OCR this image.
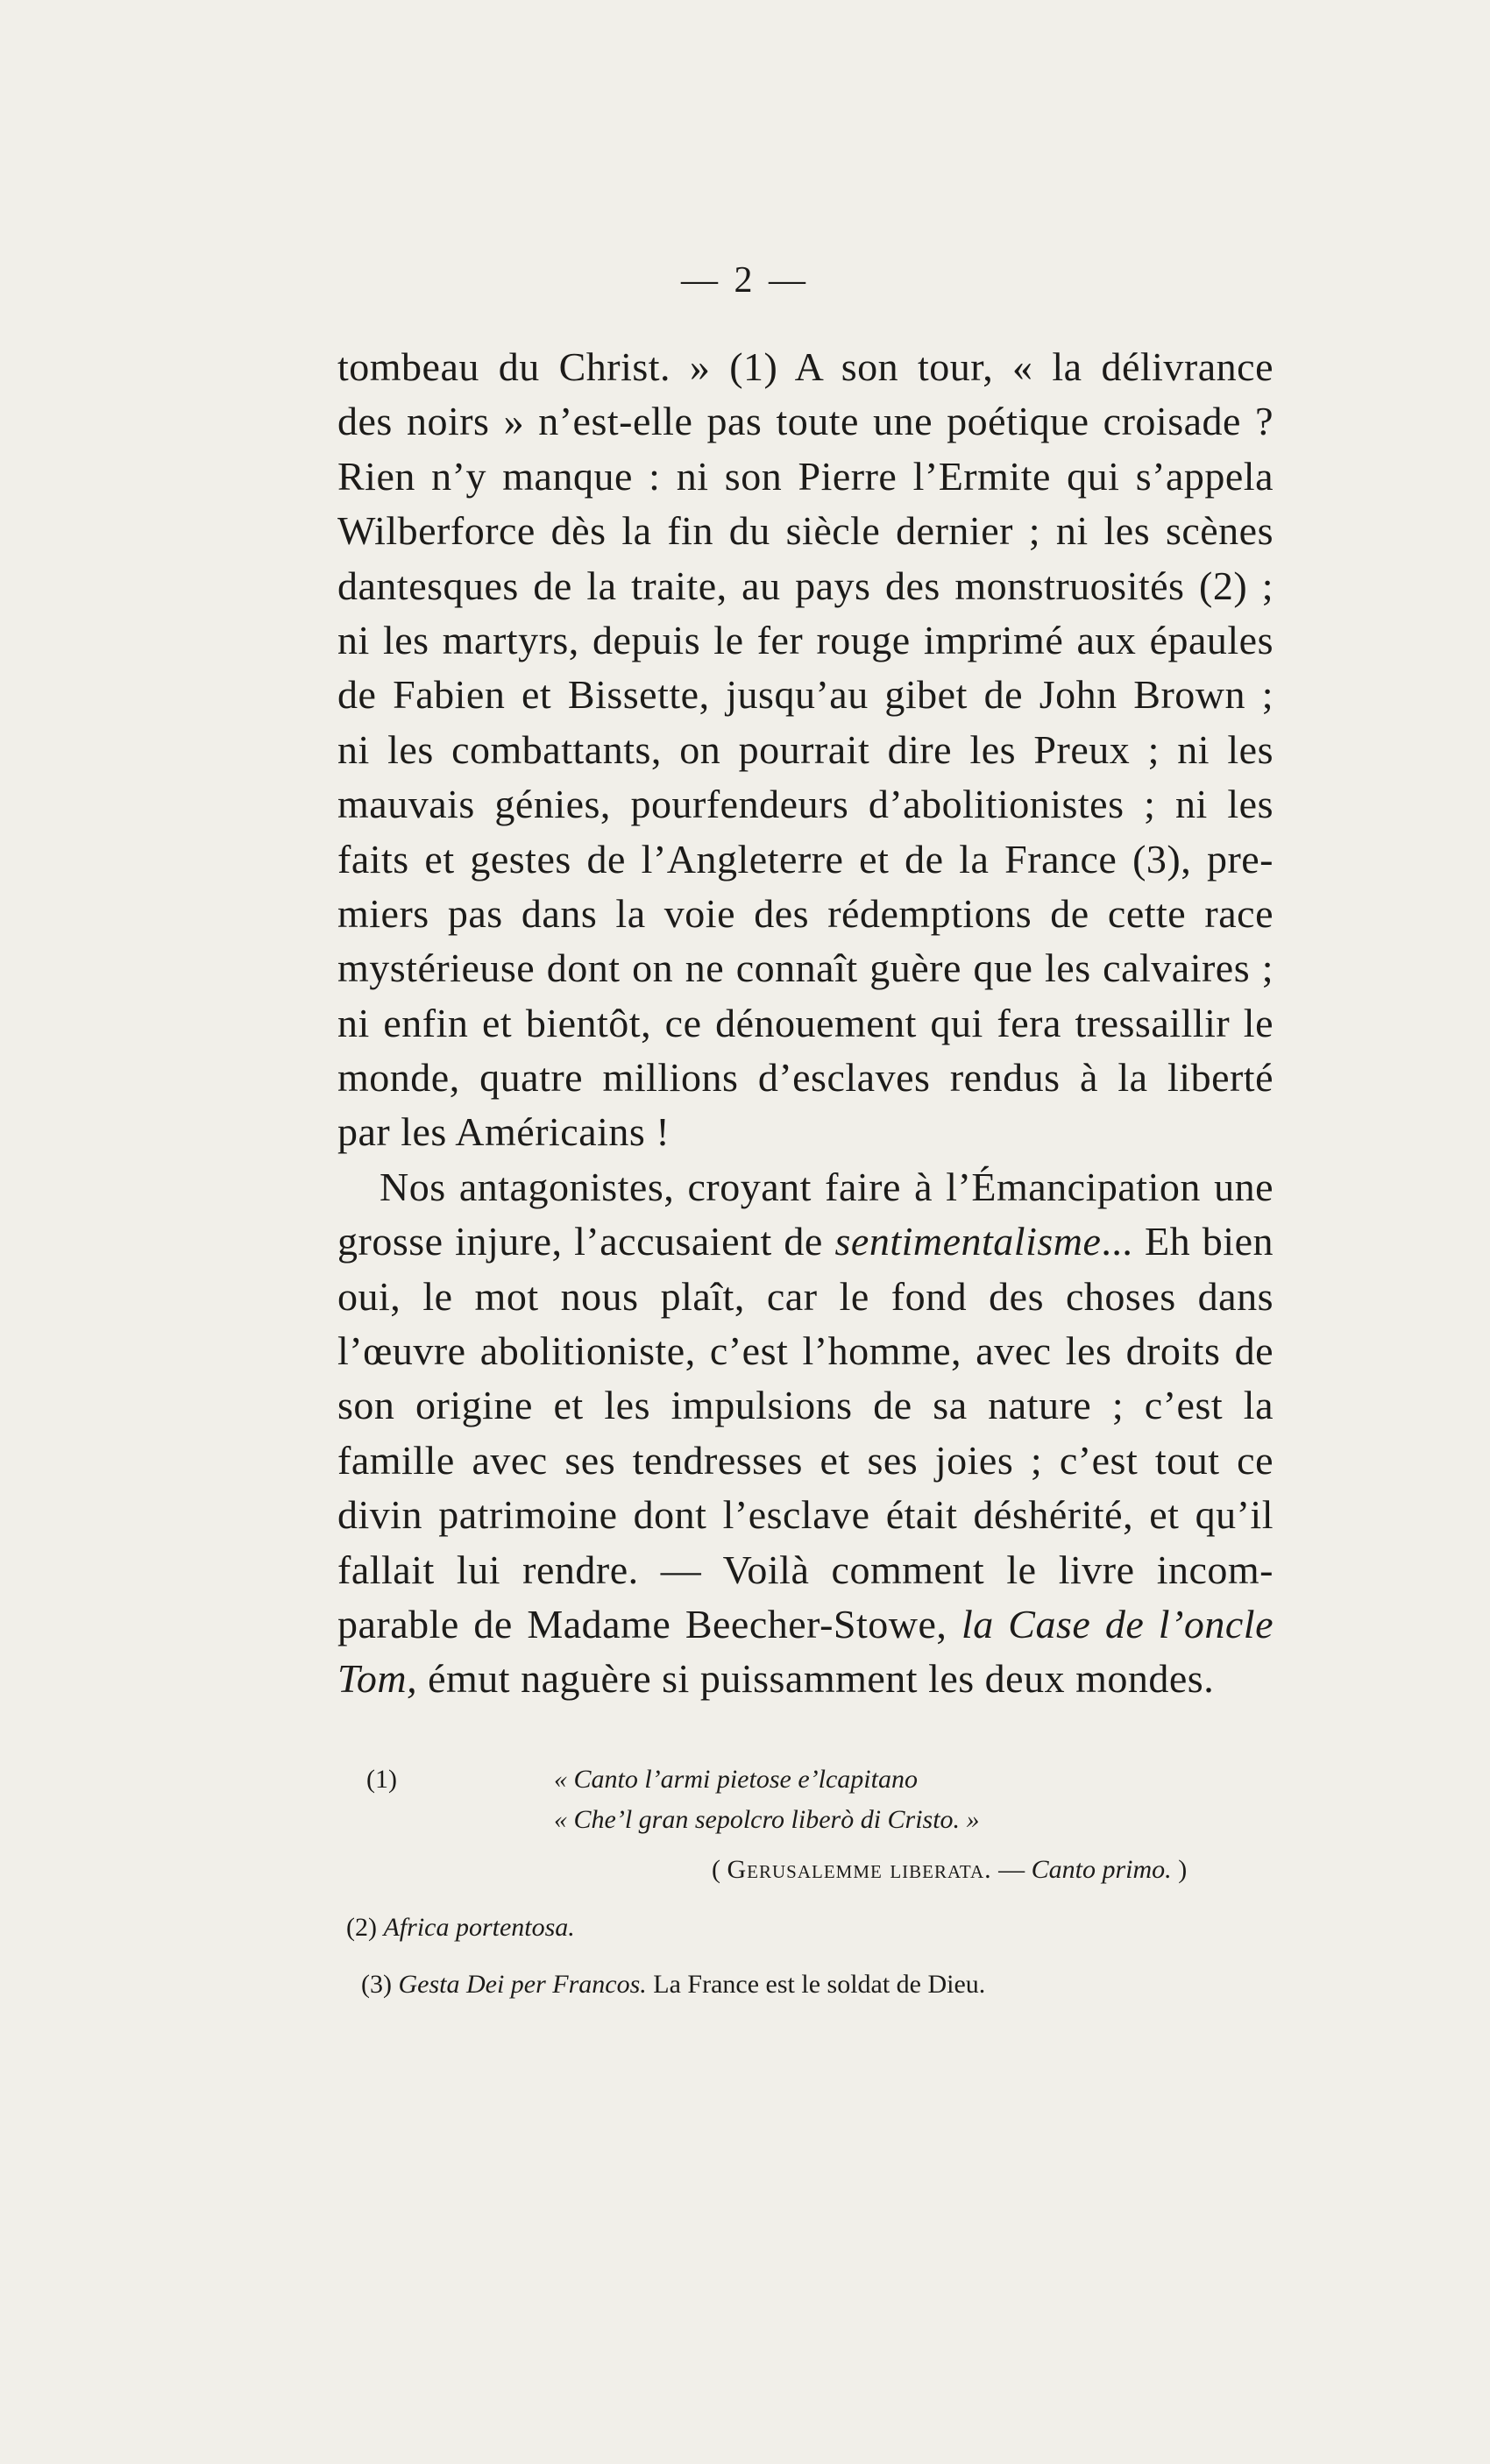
— 2 —
tombeau du Christ. » (1) A son tour, « la délivrance
des noirs » n’est-elle pas toute une poétique croisade ?
Rien n’y manque : ni son Pierre l’Ermite qui s’appela
Wilberforce dès la fin du siècle dernier ; ni les scènes
dantesques de la traite, au pays des monstruosités (2) ;
ni les martyrs, depuis le fer rouge imprimé aux épaules
de Fabien et Bissette, jusqu’au gibet de John Brown ;
ni les combattants, on pourrait dire les Preux ; ni les
mauvais génies, pourfendeurs d’abolitionistes ; ni les
faits et gestes de l’Angleterre et de la France (3), pre-
miers pas dans la voie des rédemptions de cette race
mystérieuse dont on ne connaît guère que les calvaires ;
ni enfin et bientôt, ce dénouement qui fera tressaillir le
monde, quatre millions d’esclaves rendus à la liberté
par les Américains !
Nos antagonistes, croyant faire à l’Émancipation une
grosse injure, l’accusaient de sentimentalisme... Eh bien
oui, le mot nous plaît, car le fond des choses dans
l’œuvre abolitioniste, c’est l’homme, avec les droits de
son origine et les impulsions de sa nature ; c’est la
famille avec ses tendresses et ses joies ; c’est tout ce
divin patrimoine dont l’esclave était déshérité, et qu’il
fallait lui rendre. — Voilà comment le livre incom-
parable de Madame Beecher-Stowe, la Case de l’oncle
Tom, émut naguère si puissamment les deux mondes.
(1)	« Canto l’armi pietose e’lcapitano
« Che’l gran sepolcro liberò di Cristo. »
( Gerusalemme liberata. — Canto primo. )
(2) Africa portentosa.
(3) Gesta Dei per Francos. La France est le soldat de Dieu.
